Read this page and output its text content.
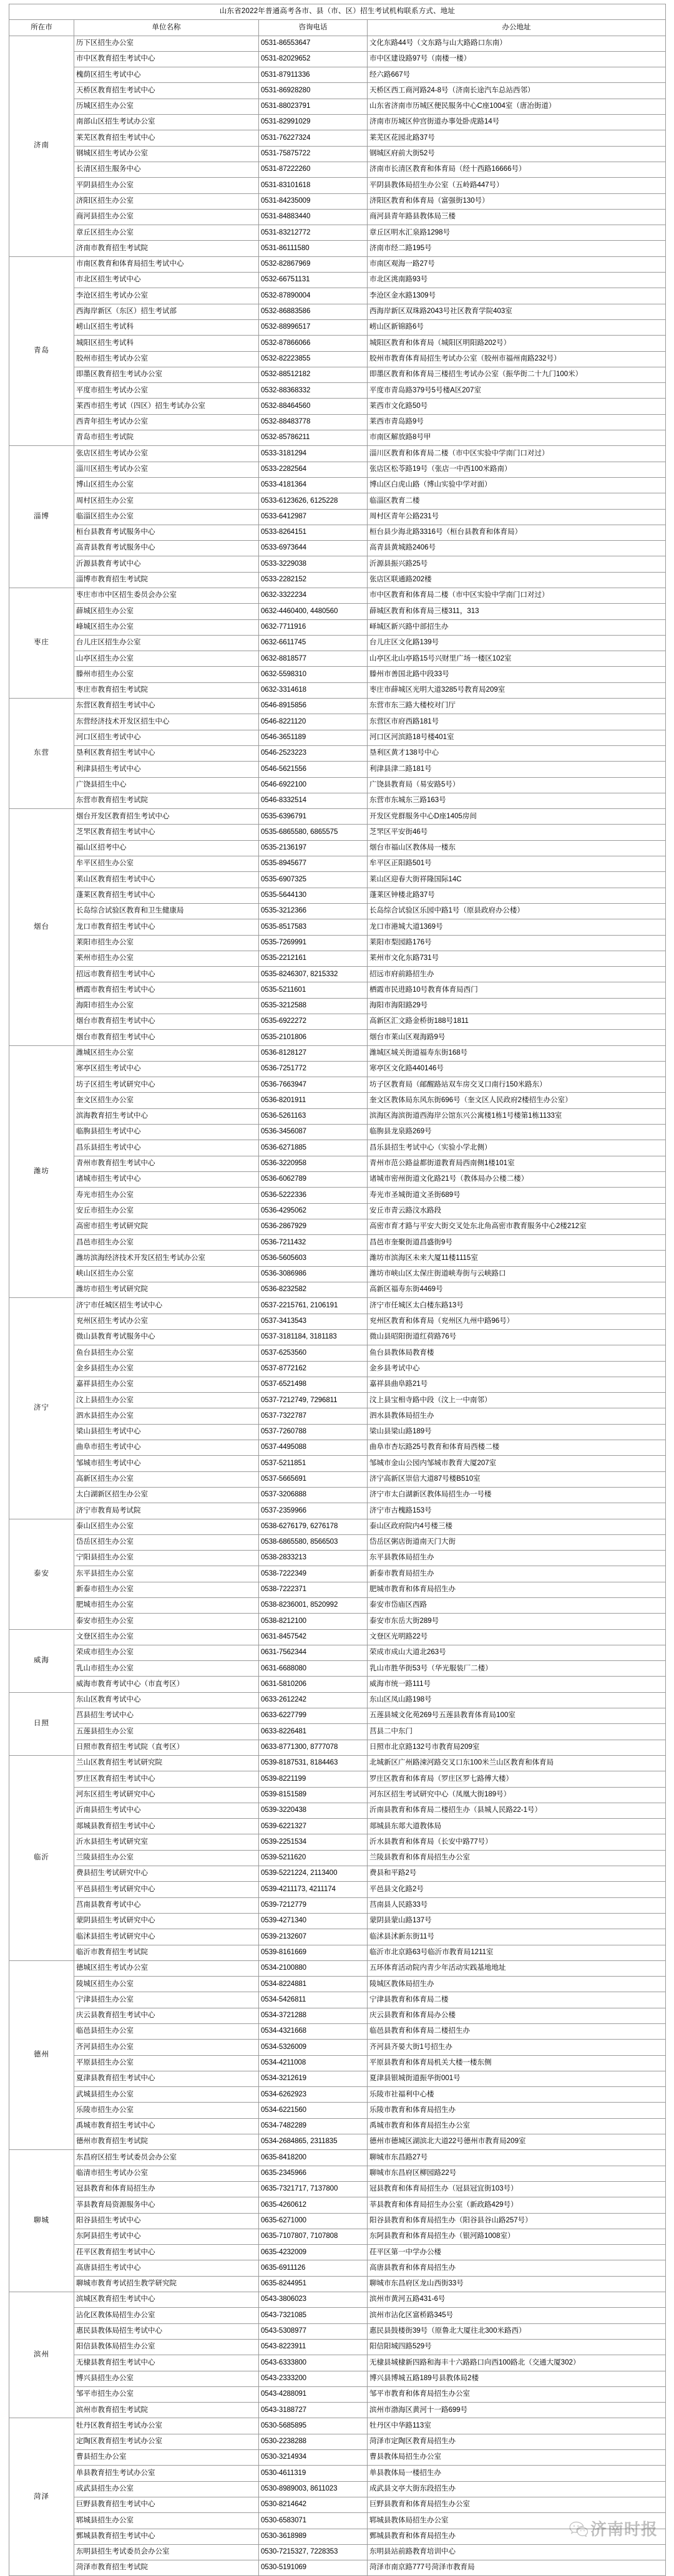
山东省2022年普通高考各市、县（市、区）招生考试机构联系方式、地址			
所在市	单位名称	咨询电话	办公地址
济南	历下区招生办公室	0531-86553647	文化东路44号（文东路与山大路路口东南）
	市中区教育招生考试中心	0531-82029652	市中区建设路97号（南楼一楼）
	槐荫区招生考试中心	0531-87911336	经六路667号
	天桥区教育招生考试中心	0531-86928280	天桥区西工商河路24-8号（济南长途汽车总站西邻）
	历城区招生办公室	0531-88023791	山东省济南市历城区便民服务中心C座1004室（唐冶街道）
	南部山区招生考试办公室	0531-82991029	济南市历城区仲宫街道办事处卧虎路14号
	莱芜区教育招生考试中心	0531-76227324	莱芜区花园北路37号
	钢城区招生考试办公室	0531-75875722	钢城区府前大街52号
	长清区招生服务中心	0531-87222260	济南市长清区教育和体育局（经十西路16666号）
	平阴县招生办公室	0531-83101618	平阴县教体局招生办公室（五岭路447号）
	济阳区招生办公室	0531-84235009	济阳区教育和体育局（富强街130号）
	商河县招生办公室	0531-84883440	商河县青年路县教体局三楼
	章丘区招生办公室	0531-83212772	章丘区明水汇泉路1298号
	济南市教育招生考试院	0531-86111580	济南市经二路195号
青岛	市南区教育和体育局招生考试中心	0532-82867969	市南区观海一路27号
	市北区招生考试中心	0532-66751131	市北区洮南路93号
	李沧区招生考试办公室	0532-87890004	李沧区金水路1309号
	西海岸新区（东区）招生考试部	0532-86883586	西海岸新区双珠路2043号社区教育学院403室
	崂山区招生考试科	0532-88996517	崂山区新锦路6号
	城阳区招生考试科	0532-87866066	城阳区教育和体育局（城阳区明阳路202号）
	胶州市招生考试办公室	0532-82223855	胶州市教育体育局招生考试办公室（胶州市福州南路232号）
	即墨区教育招生考试办公室	0532-88512182	即墨区教育和体育局三楼招生考试办公室（振华街二十九门100米）
	平度市招生考试办公室	0532-88368332	平度市青岛路379号5号楼A区207室
	莱西市招生考试（四区）招生考试办公室	0532-88464560	莱西市文化路50号
	西青年招生考试办公室	0532-88483778	莱西市青岛路9号
	青岛市招生考试院	0532-85786211	市南区解放路8号甲
淄博	张店区招生考试办公室	0533-3181294	淄川区教育和体育局二楼（市中区实验中学南门口对过）
	淄川区招生考试办公室	0533-2282564	张店区松苓路19号（张店一中西100米路南）
	博山区招生办公室	0533-4181364	博山区白虎山路（博山实验中学对面）
	周村区招生办公室	0533-6123626, 6125228	临淄区教育二楼
	临淄区招生办公室	0533-6412987	周村区青年公路231号
	桓台县教育考试服务中心	0533-8264151	桓台县少海北路3316号（桓台县教育和体育局）
	高青县教育考试服务中心	0533-6973644	高青县黄城路2406号
	沂源县教育考试中心	0533-3229038	沂源县振兴路25号
	淄博市教育招生考试院	0533-2282152	张店区联通路202楼
枣庄	枣庄市市中区招生委员会办公室	0632-3322234	市中区教育和体育局二楼（市中区实验中学南门口对过）
	薛城区招生办公室	0632-4460400, 4480560	薛城区教育和体育局三楼311，313
	峰城区招生办公室	0632-7711916	峄城区新兴路中部招生办
	台儿庄区招生办公室	0632-6611745	台儿庄区文化路139号
	山亭区招生办公室	0632-8818577	山亭区北山亭路15号兴财里广场一楼区102室
	滕州市招生办公室	0632-5598310	滕州市善国北路中段33号
	枣庄市教育招生考试院	0632-3314618	枣庄市薛城区光明大道3285号教育局209室
东营	东营区教育招生考试中心	0546-8915856	东营市东三路大楼校对门厅
	东营经济技术开发区招生中心	0546-8221120	东营区市府西路181号
	河口区招生考试中心	0546-3651189	河口区河滨路18号楼401室
	垦利区教育招生考试中心	0546-2523223	垦利区黄才138号中心
	利津县招生考试中心	0546-5621556	利津县津二路181号
	广饶县招生中心	0546-6922100	广饶县教育局（易安路5号）
	东营市教育招生考试院	0546-8332514	东营市东城东三路163号
烟台	烟台开发区教育招生考试中心	0535-6396791	开发区党群服务中心D座1405房间
	芝罘区教育招生考试中心	0535-6865580, 6865575	芝罘区平安街46号
	福山区招考中心	0535-2136197	烟台市福山区教体局一楼东
	牟平区招生办公室	0535-8945677	牟平区正阳路501号
	莱山区教育招生考试中心	0535-6907325	莱山区迎春大街祥隆国际14C
	蓬莱区教育招生考试中心	0535-5644130	蓬莱区钟楼北路37号
	长岛综合试验区教育和卫生健康局	0535-3212366	长岛综合试验区乐园中路1号（原县政府办公楼）
	龙口市教育招生考试中心	0535-8517583	龙口市港城大道1369号
	莱阳市招生办公室	0535-7269991	莱阳市梨园路176号
	莱州市招生办公室	0535-2212161	莱州市文化东路731号
	招远市教育招生考试中心	0535-8246307, 8215332	招远市府前路招生办
	栖霞市教育招生考试中心	0535-5211601	栖霞市民进路10号教育体育局西门
	海阳市招生办公室	0535-3212588	海阳市海阳路29号
	烟台市教育招生考试中心	0535-6922272	高新区汇文路金桥街188号1811
	烟台市教育招生考试中心	0535-2101806	烟台市莱山区观海路9号
潍坊	潍城区招生办公室	0536-8128127	潍城区城关街道福寿东街168号
	寒亭区招生考试中心	0536-7251772	寒亭区文化路440146号
	坊子区招生考试研究中心	0536-7663947	坊子区教育局（邮醒路站双车房交叉口南行150米路东）
	奎文区招生办公室	0536-8201911	奎文区教体局东风东街696号（奎文区人民政府2楼招生办公室）
	滨海教育招生考试中心	0536-5261163	滨海区海滨街道西海岸公馆东兴公寓楼1栋1号楼第1栋1133室
	临朐县招生考试中心	0536-3456087	临朐县龙泉路269号
	昌乐县招生考试中心	0536-6271885	昌乐县招生考试中心（实验小学北侧）
	青州市教育招生考试中心	0536-3220958	青州市范公路益都街道教育局西南侧1楼101室
	诸城市招生考试中心	0536-6062789	诸城市密州街道文化路21号（教体局办公楼二楼）
	寿光市招生办公室	0536-5222336	寿光市圣城街道文圣街689号
	安丘市招生办公室	0536-4295062	安丘市青云路汶水路段
	高密市招生考试研究院	0536-2867929	高密市育才路与平安大街交叉处东北角高密市教育服务中心2楼212室
	昌邑市招生办公室	0536-7211432	昌邑市奎聚街道昌盛街9号
	潍坊滨海经济技术开发区招生考试办公室	0536-5605603	潍坊市滨海区未来大厦11楼1115室
	峡山区招生办公室	0536-3086986	潍坊市峡山区太保庄街道峡寿街与云峡路口
	潍坊市招生考试研究院	0536-8232582	高新区福寿东街4469号
济宁	济宁市任城区招生考试中心	0537-2215761, 2106191	济宁市任城区太白楼东路13号
	兖州区招生考试办公室	0537-3413543	兖州区教育和体育局（兖州区九州中路96号）
	微山县教育考试服务中心	0537-3181184, 3181183	微山县昭阳街道红荷路76号
	鱼台县招生办公室	0537-6253560	鱼台县教体局教育楼
	金乡县招生办公室	0537-8772162	金乡县考试中心
	嘉祥县招生办公室	0537-6521498	嘉祥县曲阜路21号
	汶上县招生办公室	0537-7212749, 7296811	汶上县宝相寺路中段（汶上一中南邻）
	泗水县招生办公室	0537-7322787	泗水县教体局招生办
	梁山县招生考试中心	0537-7260788	梁山县梁山路189号
	曲阜市招生考试中心	0537-4495088	曲阜市杏坛路25号教育和体育局西楼二楼
	邹城市招生考试中心	0537-5211851	邹城市金山公园内邹城市教育大厦207室
	高新区招生办公室	0537-5665691	济宁高新区崇信大道87号楼B510室
	太白湖新区招生办公室	0537-3206888	济宁市太白湖新区教体局招生办一号楼
	济宁市教育局考试院	0537-2359966	济宁市古槐路153号
泰安	泰山区招生办公室	0538-6276179, 6276178	泰山区政府院内4号楼三楼
	岱岳区招生办公室	0538-6865580, 8566503	岱岳区粥店街道南天门大街
	宁阳县招生办公室	0538-2833213	东平县教体局招生办
	东平县招生办公室	0538-7222349	新泰市教育局招生办
	新泰市招生办公室	0538-7222371	肥城市教育和体育局招生办
	肥城市招生办公室	0538-8236001, 8520992	泰安市岱庙区西路
	泰安市招生办公室	0538-8212100	泰安市东岳大街289号
威海	文登区招生办公室	0631-8457542	文登区光明路22号
	荣成市招生办公室	0631-7562344	荣成市成山大道北263号
	乳山市招生办公室	0631-6688080	乳山市胜华街53号（华光服装厂二楼）
	威海市教育考试中心（市直考区）	0631-5810206	威海市统一路111号
日照	东山区教育考试中心	0633-2612242	东山区凤山路198号
	莒县招生考试中心	0633-6227799	五莲县城文化苑269号五莲县教育体育局100室
	五莲县招生办公室	0633-8226481	莒县二中东门
	日照市教育招生考试院（直考区）	0633-8771300, 8777078	日照市北京路132号市教育局209室
临沂	兰山区教育招生考试研究院	0539-8187531, 8184463	北城新区广州路涑河路交叉口东100米兰山区教育和体育局
	罗庄区教育招生考试中心	0539-8221199	罗庄区教育和体育局（罗庄区罗七路傅大楼）
	河东区招生考试研究中心	0539-8151589	河东区招生考试研究中心（凤凰大街189号）
	沂南县招生考试中心	0539-3220438	沂南县教育和体育局二楼招生办（县城人民路22-1号）
	郯城县教育招生考试中心	0539-6221327	郯城县东郯大道教体局
	沂水县招生考试研究室	0539-2251534	沂水县教育和体育局（长安中路77号）
	兰陵县招生办公室	0539-5211620	兰陵县教育和体育局招生办公室
	费县招生考试研究中心	0539-5221224, 2113400	费县和平路2号
	平邑县招生考试研究中心	0539-4211173, 4211174	平邑县文化路2号
	莒南县教育考试中心	0539-7212779	莒南县人民路33号
	蒙阴县招生考试研究中心	0539-4271340	蒙阴县蒙山路137号
	临沭县招生考试研究中心	0539-2132607	临沭县沭新东街11号
	临沂市教育招生考试院	0539-8161669	临沂市北京路63号临沂市教育局1211室
德州	德城区招生考试办公室	0534-2100880	五环体育活动院内青少年活动实践基地地址
	陵城区招生办公室	0534-8224881	陵城区教体局招生办
	宁津县招生办公室	0534-5426811	宁津县教育和体育局二楼
	庆云县教育招生考试中心	0534-3721288	庆云县教育和体育局办公楼
	临邑县招生办公室	0534-4321668	临邑县教育和体育局二楼招生办
	齐河县招生办公室	0534-5326009	齐河县齐晏大街1号招生办
	平原县招生办公室	0534-4211008	平原县教育和体育局机关大楼一楼东侧
	夏津县教育招生考试中心	0534-3212619	夏津县银城街道振华街001号
	武城县招生办公室	0534-6262923	乐陵市社福利中心楼
	乐陵市招生办公室	0534-6221560	乐陵市教育和体育局招生办
	禹城市教育招生考试中心	0534-7482289	禹城市教育和体育局招生办公室
	德州市教育招生考试院	0534-2684865, 2311835	德州市德城区湖滨北大道22号德州市教育局209室
聊城	东昌府区招生考试委员会办公室	0635-8418200	聊城市东昌路27号
	临清市招生考试办公室	0635-2345966	聊城市东昌府区柳园路22号
	冠县教育和体育局招生办	0635-7321717, 7137800	冠县教育和体育局招生办（冠县冠宜街103号）
	莘县教育局资源服务中心	0635-4260612	莘县教育和体育局招生办公室（新政路429号）
	阳谷县招生考试中心	0635-6271000	阳谷县教育和体育局招生办（阳谷县谷山路257号）
	东阿县招生考试中心	0635-7107807, 7107808	东阿县教育和体育局招生办（银河路1008室）
	茌平区教育招生考试中心	0635-4232009	茌平区第一中学办公楼
	高唐县招生考试中心	0635-6911126	高唐县教育和体育局招生办
	聊城市教育考试招生教学研究院	0635-8244951	聊城市东昌府区龙山西街33号
滨州	滨城区教育招生考试中心	0543-3806023	滨州市黄河五路431-6号
	沾化区教体局招生办公室	0543-7321085	滨州市沾化区富桥路345号
	惠民县教体局招生考试中心	0543-5308977	惠民县鼓楼街39号（原鲁北大厦往北300米路西）
	阳信县教体局招生办公室	0543-8223911	阳信阳城四路529号
	无棣县教育招生考试中心	0543-6333800	无棣县城棣新四路和海丰十六路路口向西100路北（交通大厦302）
	博兴县招生办公室	0543-2333200	博兴县博城五路189号县教体局2楼
	邹平市招生办公室	0543-4288091	邹平市教育和体育局招生办公室
	滨州市教育招生考试院	0543-3188727	滨州市渤海区黄河十一路699号
菏泽	牡丹区教育招生考试办公室	0530-5685895	牡丹区中华路113室
	定陶区教育招生考试办公室	0530-2238288	菏泽市定陶区教育局招生办
	曹县招生办公室	0530-3214934	曹县教体局招生办公室
	单县教育招生考试办公室	0530-4611319	单县教体局一楼招生办
	成武县招生办公室	0530-8989003, 8611023	成武县文亭大街东段招生办
	巨野县教育招生考试中心	0530-8214642	巨野县教育和体育局招生办公室
	郓城县招生办公室	0530-6583071	郓城县教体局招生办公室
	鄄城县教育招生考试中心	0530-3618989	鄄城县教育和体育局招生办
	东明县招生考试委员会办公室	0530-7215327, 7228353	东明县站前路教育培训中心
	菏泽市教育招生考试院	0530-5191069	菏泽市南京路777号菏泽市教育局
济南时报
